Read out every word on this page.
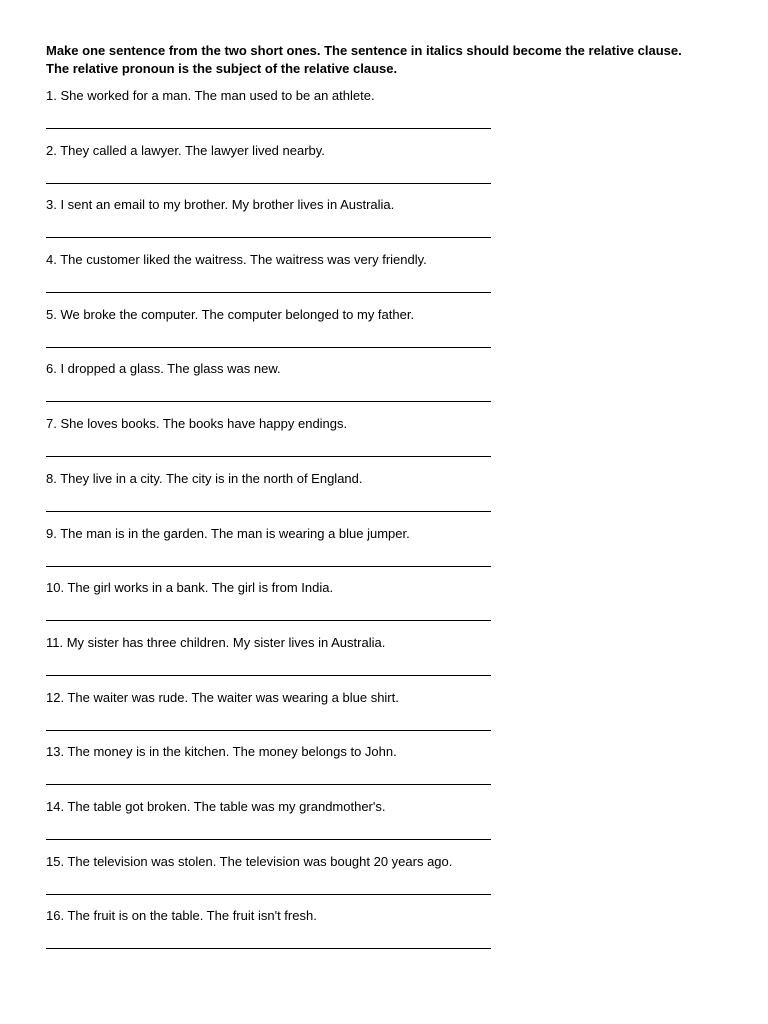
Make one sentence from the two short ones. The sentence in italics should become the relative clause. The relative pronoun is the subject of the relative clause.

1. She worked for a man. The man used to be an athlete.
2. They called a lawyer. The lawyer lived nearby.
3. I sent an email to my brother. My brother lives in Australia.
4. The customer liked the waitress. The waitress was very friendly.
5. We broke the computer. The computer belonged to my father.
6. I dropped a glass. The glass was new.
7. She loves books. The books have happy endings.
8. They live in a city. The city is in the north of England.
9. The man is in the garden. The man is wearing a blue jumper.
10. The girl works in a bank. The girl is from India.
11. My sister has three children. My sister lives in Australia.
12. The waiter was rude. The waiter was wearing a blue shirt.
13. The money is in the kitchen. The money belongs to John.
14. The table got broken. The table was my grandmother's.
15. The television was stolen. The television was bought 20 years ago.
16. The fruit is on the table. The fruit isn't fresh.
